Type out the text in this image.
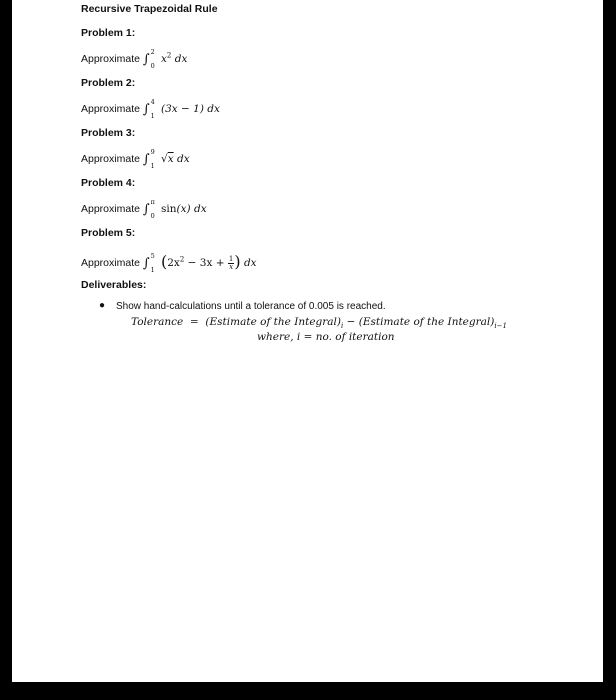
Recursive Trapezoidal Rule
Problem 1:
Approximate ∫ 2
0
$x^2$ dx
Problem 2:
Approximate ∫ 4
1
(3x − 1) dx
Problem 3:
Approximate ∫ 9
1
√x dx
Problem 4:
Approximate ∫ π
0
sin(x) dx
Problem 5:
Approximate ∫ 5
1 ($2x^2 - 3x + \frac{1}{x}$ ) dx
Deliverables:
● Show hand-calculations until a tolerance of 0.005 is reached.
Tolerance = (Estimate of the $Integral)_i$ − (Estimate of the $Integral)_{i-1}$
where, i = no. of iteration
